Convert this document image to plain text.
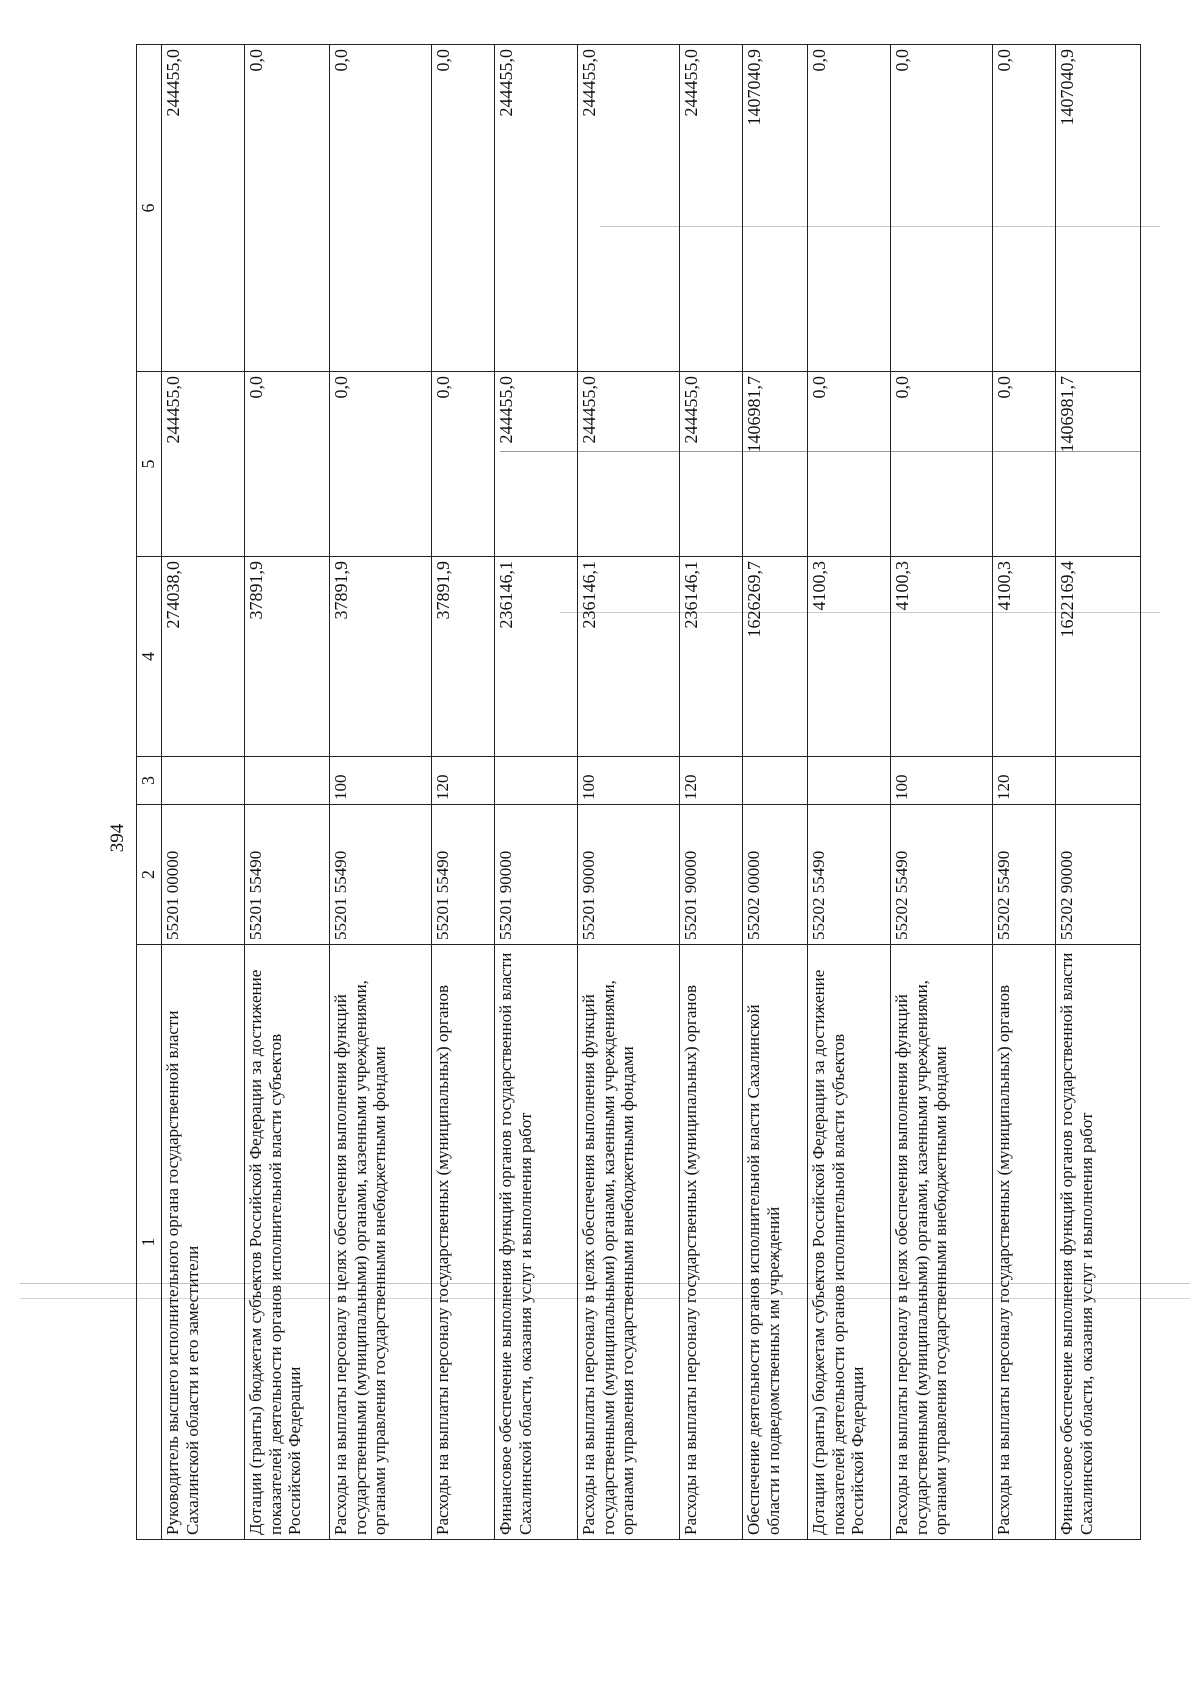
394
1	2	3	4	5	6
Руководитель высшего исполнительного органа государственной власти Сахалинской области и его заместители	55201 00000		274038,0	244455,0	244455,0
Дотации (гранты) бюджетам субъектов Российской Федерации за достижение показателей деятельности органов исполнительной власти субъектов Российской Федерации	55201 55490		37891,9	0,0	0,0
Расходы на выплаты персоналу в целях обеспечения выполнения функций государственными (муниципальными) органами, казенными учреждениями, органами управления государственными внебюджетными фондами	55201 55490	100	37891,9	0,0	0,0
Расходы на выплаты персоналу государственных (муниципальных) органов	55201 55490	120	37891,9	0,0	0,0
Финансовое обеспечение выполнения функций органов государственной власти Сахалинской области, оказания услуг и выполнения работ	55201 90000		236146,1	244455,0	244455,0
Расходы на выплаты персоналу в целях обеспечения выполнения функций государственными (муниципальными) органами, казенными учреждениями, органами управления государственными внебюджетными фондами	55201 90000	100	236146,1	244455,0	244455,0
Расходы на выплаты персоналу государственных (муниципальных) органов	55201 90000	120	236146,1	244455,0	244455,0
Обеспечение деятельности органов исполнительной власти Сахалинской области и подведомственных им учреждений	55202 00000		1626269,7	1406981,7	1407040,9
Дотации (гранты) бюджетам субъектов Российской Федерации за достижение показателей деятельности органов исполнительной власти субъектов Российской Федерации	55202 55490		4100,3	0,0	0,0
Расходы на выплаты персоналу в целях обеспечения выполнения функций государственными (муниципальными) органами, казенными учреждениями, органами управления государственными внебюджетными фондами	55202 55490	100	4100,3	0,0	0,0
Расходы на выплаты персоналу государственных (муниципальных) органов	55202 55490	120	4100,3	0,0	0,0
Финансовое обеспечение выполнения функций органов государственной власти Сахалинской области, оказания услуг и выполнения работ	55202 90000		1622169,4	1406981,7	1407040,9
